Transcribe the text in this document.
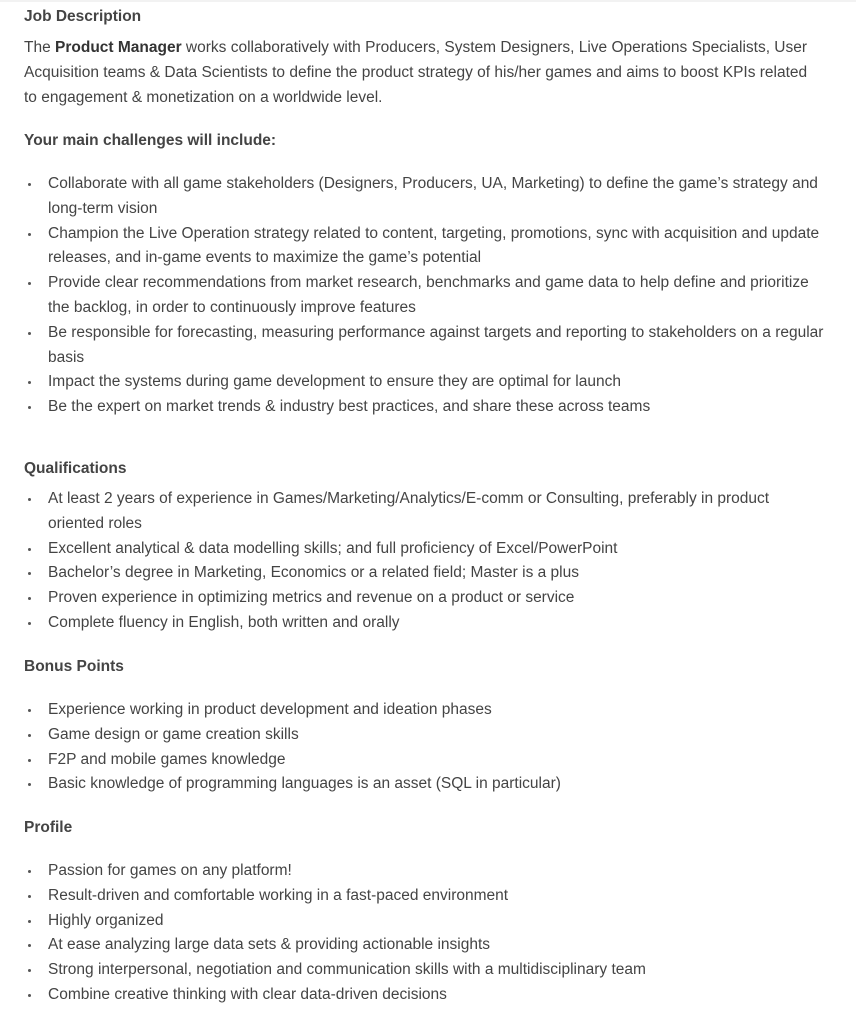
Job Description

The Product Manager works collaboratively with Producers, System Designers, Live Operations Specialists, User Acquisition teams & Data Scientists to define the product strategy of his/her games and aims to boost KPIs related to engagement & monetization on a worldwide level.

Your main challenges will include:
Collaborate with all game stakeholders (Designers, Producers, UA, Marketing) to define the game’s strategy and long-term vision
Champion the Live Operation strategy related to content, targeting, promotions, sync with acquisition and update releases, and in-game events to maximize the game’s potential
Provide clear recommendations from market research, benchmarks and game data to help define and prioritize the backlog, in order to continuously improve features
Be responsible for forecasting, measuring performance against targets and reporting to stakeholders on a regular basis
Impact the systems during game development to ensure they are optimal for launch
Be the expert on market trends & industry best practices, and share these across teams
Qualifications
At least 2 years of experience in Games/Marketing/Analytics/E-comm or Consulting, preferably in product oriented roles
Excellent analytical & data modelling skills; and full proficiency of Excel/PowerPoint
Bachelor’s degree in Marketing, Economics or a related field; Master is a plus
Proven experience in optimizing metrics and revenue on a product or service
Complete fluency in English, both written and orally
Bonus Points
Experience working in product development and ideation phases
Game design or game creation skills
F2P and mobile games knowledge
Basic knowledge of programming languages is an asset (SQL in particular)
Profile
Passion for games on any platform!
Result-driven and comfortable working in a fast-paced environment
Highly organized
At ease analyzing large data sets & providing actionable insights
Strong interpersonal, negotiation and communication skills with a multidisciplinary team
Combine creative thinking with clear data-driven decisions
